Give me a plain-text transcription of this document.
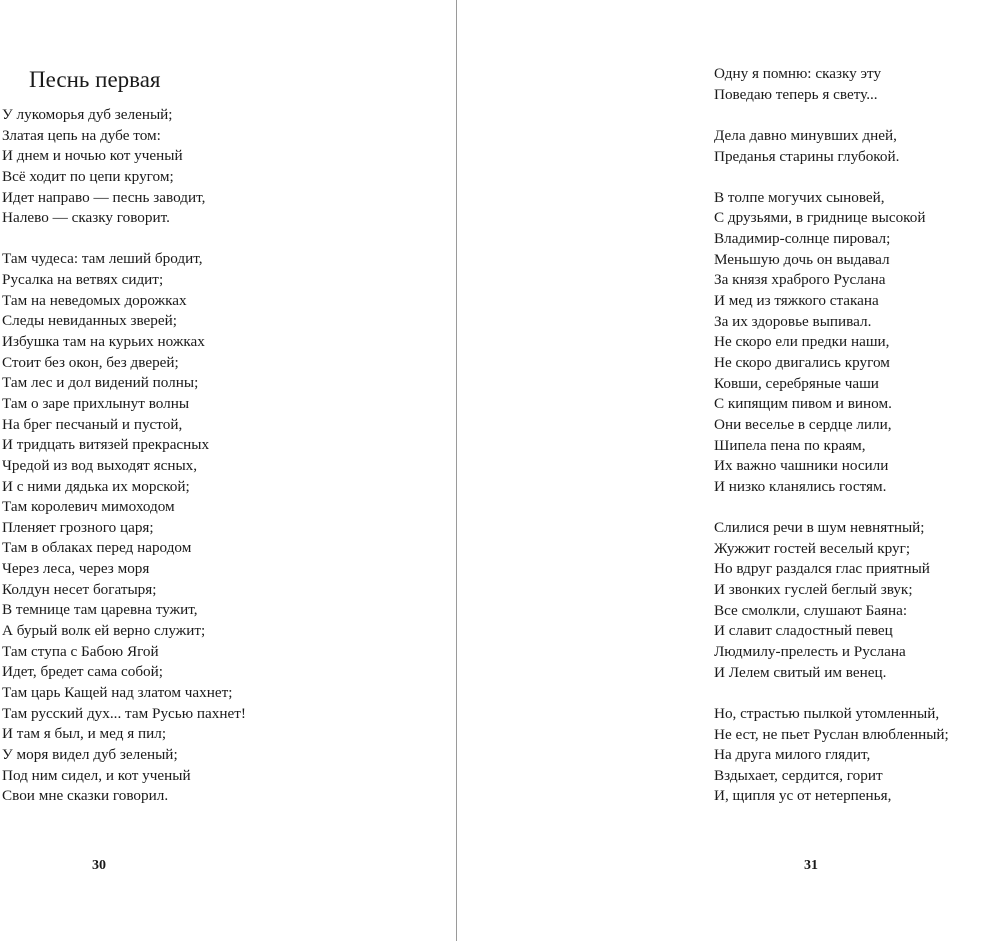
Песнь первая
У лукоморья дуб зеленый;
Златая цепь на дубе том:
И днем и ночью кот ученый
Всё ходит по цепи кругом;
Идет направо — песнь заводит,
Налево — сказку говорит.
Там чудеса: там леший бродит,
Русалка на ветвях сидит;
Там на неведомых дорожках
Следы невиданных зверей;
Избушка там на курьих ножках
Стоит без окон, без дверей;
Там лес и дол видений полны;
Там о заре прихлынут волны
На брег песчаный и пустой,
И тридцать витязей прекрасных
Чредой из вод выходят ясных,
И с ними дядька их морской;
Там королевич мимоходом
Пленяет грозного царя;
Там в облаках перед народом
Через леса, через моря
Колдун несет богатыря;
В темнице там царевна тужит,
А бурый волк ей верно служит;
Там ступа с Бабою Ягой
Идет, бредет сама собой;
Там царь Кащей над златом чахнет;
Там русский дух... там Русью пахнет!
И там я был, и мед я пил;
У моря видел дуб зеленый;
Под ним сидел, и кот ученый
Свои мне сказки говорил.
30
Одну я помню: сказку эту
Поведаю теперь я свету...
Дела давно минувших дней,
Преданья старины глубокой.
В толпе могучих сыновей,
С друзьями, в гриднице высокой
Владимир-солнце пировал;
Меньшую дочь он выдавал
За князя храброго Руслана
И мед из тяжкого стакана
За их здоровье выпивал.
Не скоро ели предки наши,
Не скоро двигались кругом
Ковши, серебряные чаши
С кипящим пивом и вином.
Они веселье в сердце лили,
Шипела пена по краям,
Их важно чашники носили
И низко кланялись гостям.
Слилися речи в шум невнятный;
Жужжит гостей веселый круг;
Но вдруг раздался глас приятный
И звонких гуслей беглый звук;
Все смолкли, слушают Баяна:
И славит сладостный певец
Людмилу-прелесть и Руслана
И Лелем свитый им венец.
Но, страстью пылкой утомленный,
Не ест, не пьет Руслан влюбленный;
На друга милого глядит,
Вздыхает, сердится, горит
И, щипля ус от нетерпенья,
31
